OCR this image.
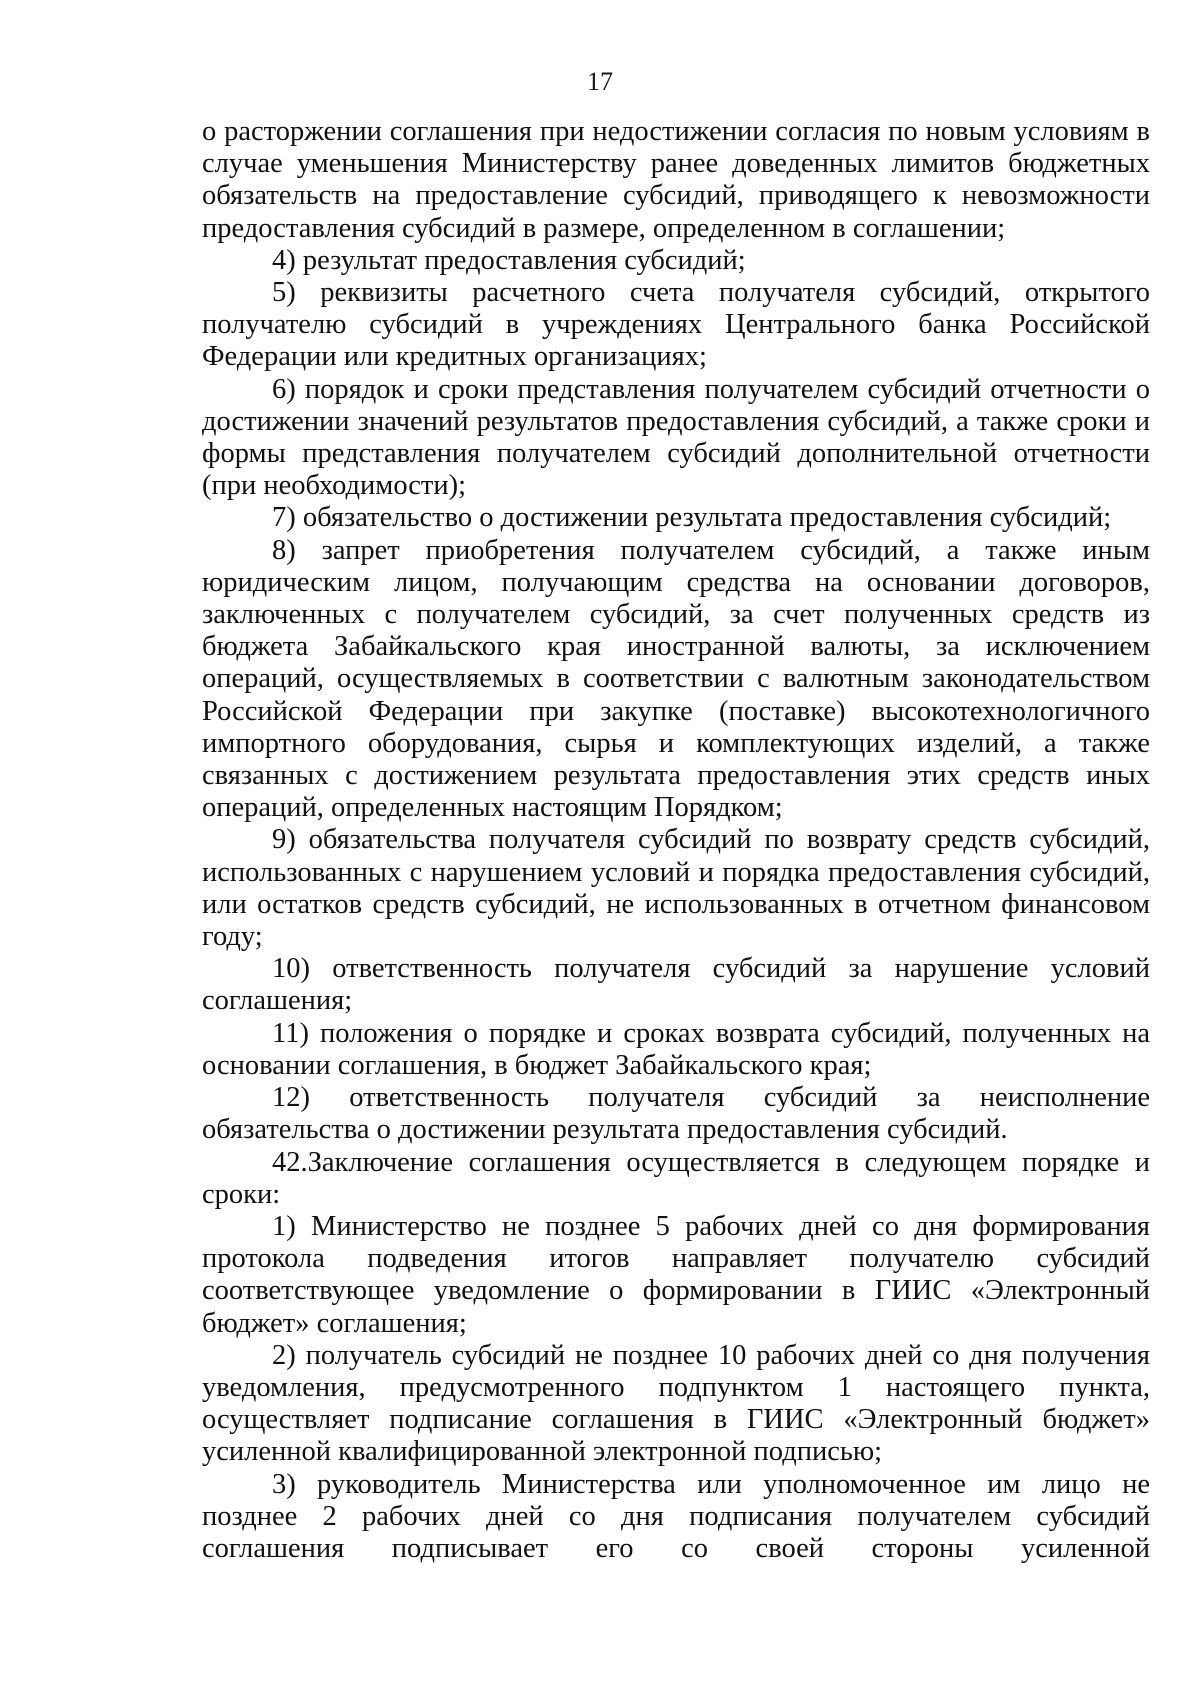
17

о расторжении соглашения при недостижении согласия по новым условиям в случае уменьшения Министерству ранее доведенных лимитов бюджетных обязательств на предоставление субсидий, приводящего к невозможности предоставления субсидий в размере, определенном в соглашении;

4) результат предоставления субсидий;

5) реквизиты расчетного счета получателя субсидий, открытого получателю субсидий в учреждениях Центрального банка Российской Федерации или кредитных организациях;

6) порядок и сроки представления получателем субсидий отчетности о достижении значений результатов предоставления субсидий, а также сроки и формы представления получателем субсидий дополнительной отчетности (при необходимости);

7) обязательство о достижении результата предоставления субсидий;

8) запрет приобретения получателем субсидий, а также иным юридическим лицом, получающим средства на основании договоров, заключенных с получателем субсидий, за счет полученных средств из бюджета Забайкальского края иностранной валюты, за исключением операций, осуществляемых в соответствии с валютным законодательством Российской Федерации при закупке (поставке) высокотехнологичного импортного оборудования, сырья и комплектующих изделий, а также связанных с достижением результата предоставления этих средств иных операций, определенных настоящим Порядком;

9) обязательства получателя субсидий по возврату средств субсидий, использованных с нарушением условий и порядка предоставления субсидий, или остатков средств субсидий, не использованных в отчетном финансовом году;

10) ответственность получателя субсидий за нарушение условий соглашения;

11) положения о порядке и сроках возврата субсидий, полученных на основании соглашения, в бюджет Забайкальского края;

12) ответственность получателя субсидий за неисполнение обязательства о достижении результата предоставления субсидий.

42.Заключение соглашения осуществляется в следующем порядке и сроки:

1) Министерство не позднее 5 рабочих дней со дня формирования протокола подведения итогов направляет получателю субсидий соответствующее уведомление о формировании в ГИИС «Электронный бюджет» соглашения;

2) получатель субсидий не позднее 10 рабочих дней со дня получения уведомления, предусмотренного подпунктом 1 настоящего пункта, осуществляет подписание соглашения в ГИИС «Электронный бюджет» усиленной квалифицированной электронной подписью;

3) руководитель Министерства или уполномоченное им лицо не позднее 2 рабочих дней со дня подписания получателем субсидий соглашения подписывает его со своей стороны усиленной
